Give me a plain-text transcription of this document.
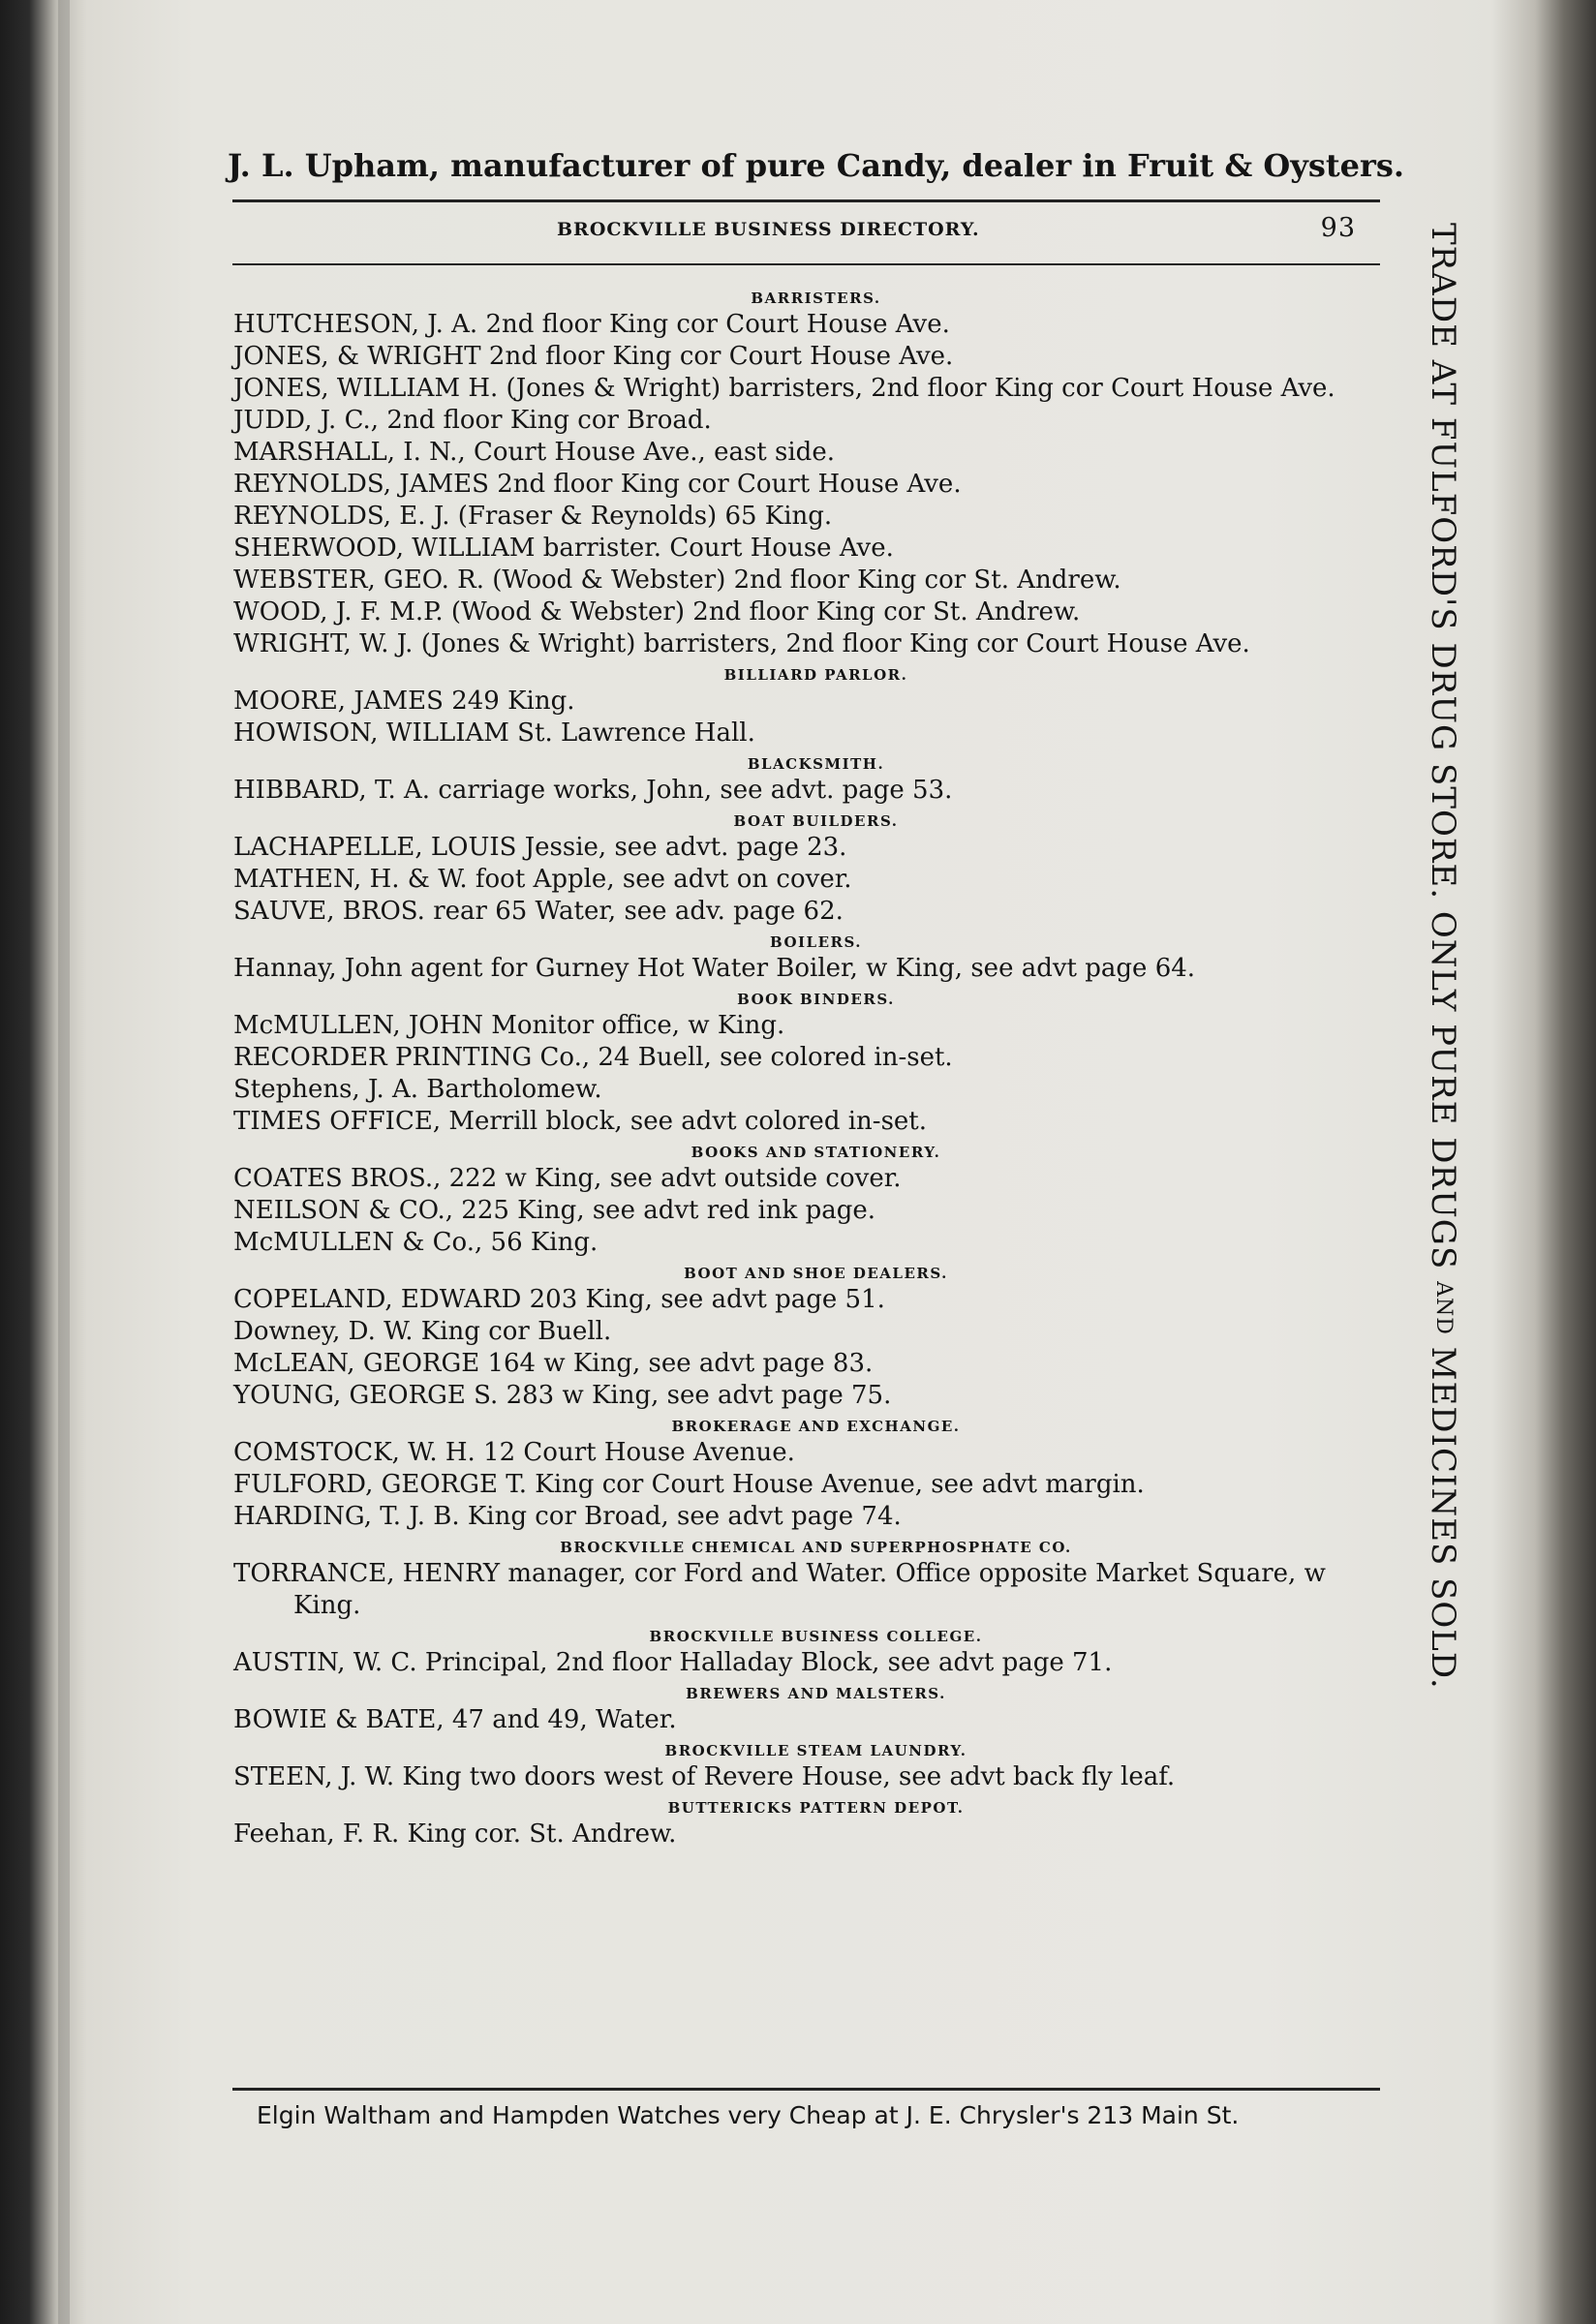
J. L. Upham, manufacturer of pure Candy, dealer in Fruit & Oysters.
BROCKVILLE BUSINESS DIRECTORY.	93
BARRISTERS.
HUTCHESON, J. A. 2nd floor King cor Court House Ave.
JONES, & WRIGHT 2nd floor King cor Court House Ave.
JONES, WILLIAM H. (Jones & Wright) barristers, 2nd floor King cor Court House Ave.
JUDD, J. C., 2nd floor King cor Broad.
MARSHALL, I. N., Court House Ave., east side.
REYNOLDS, JAMES 2nd floor King cor Court House Ave.
REYNOLDS, E. J. (Fraser & Reynolds) 65 King.
SHERWOOD, WILLIAM barrister. Court House Ave.
WEBSTER, GEO. R. (Wood & Webster) 2nd floor King cor St. Andrew.
WOOD, J. F. M.P. (Wood & Webster) 2nd floor King cor St. Andrew.
WRIGHT, W. J. (Jones & Wright) barristers, 2nd floor King cor Court House Ave.
BILLIARD PARLOR.
MOORE, JAMES 249 King.
HOWISON, WILLIAM St. Lawrence Hall.
BLACKSMITH.
HIBBARD, T. A. carriage works, John, see advt. page 53.
BOAT BUILDERS.
LACHAPELLE, LOUIS Jessie, see advt. page 23.
MATHEN, H. & W. foot Apple, see advt on cover.
SAUVE, BROS. rear 65 Water, see adv. page 62.
BOILERS.
Hannay, John agent for Gurney Hot Water Boiler, w King, see advt page 64.
BOOK BINDERS.
McMULLEN, JOHN Monitor office, w King.
RECORDER PRINTING Co., 24 Buell, see colored in-set.
Stephens, J. A. Bartholomew.
TIMES OFFICE, Merrill block, see advt colored in-set.
BOOKS AND STATIONERY.
COATES BROS., 222 w King, see advt outside cover.
NEILSON & CO., 225 King, see advt red ink page.
McMULLEN & Co., 56 King.
BOOT AND SHOE DEALERS.
COPELAND, EDWARD 203 King, see advt page 51.
Downey, D. W. King cor Buell.
McLEAN, GEORGE 164 w King, see advt page 83.
YOUNG, GEORGE S. 283 w King, see advt page 75.
BROKERAGE AND EXCHANGE.
COMSTOCK, W. H. 12 Court House Avenue.
FULFORD, GEORGE T. King cor Court House Avenue, see advt margin.
HARDING, T. J. B. King cor Broad, see advt page 74.
BROCKVILLE CHEMICAL AND SUPERPHOSPHATE CO.
TORRANCE, HENRY manager, cor Ford and Water. Office opposite Market Square, w King.
BROCKVILLE BUSINESS COLLEGE.
AUSTIN, W. C. Principal, 2nd floor Halladay Block, see advt page 71.
BREWERS AND MALSTERS.
BOWIE & BATE, 47 and 49, Water.
BROCKVILLE STEAM LAUNDRY.
STEEN, J. W. King two doors west of Revere House, see advt back fly leaf.
BUTTERICKS PATTERN DEPOT.
Feehan, F. R. King cor. St. Andrew.
Elgin Waltham and Hampden Watches very Cheap at J. E. Chrysler's 213 Main St.
TRADE AT FULFORD'S DRUG STORE. ONLY PURE DRUGS AND MEDICINES SOLD.
